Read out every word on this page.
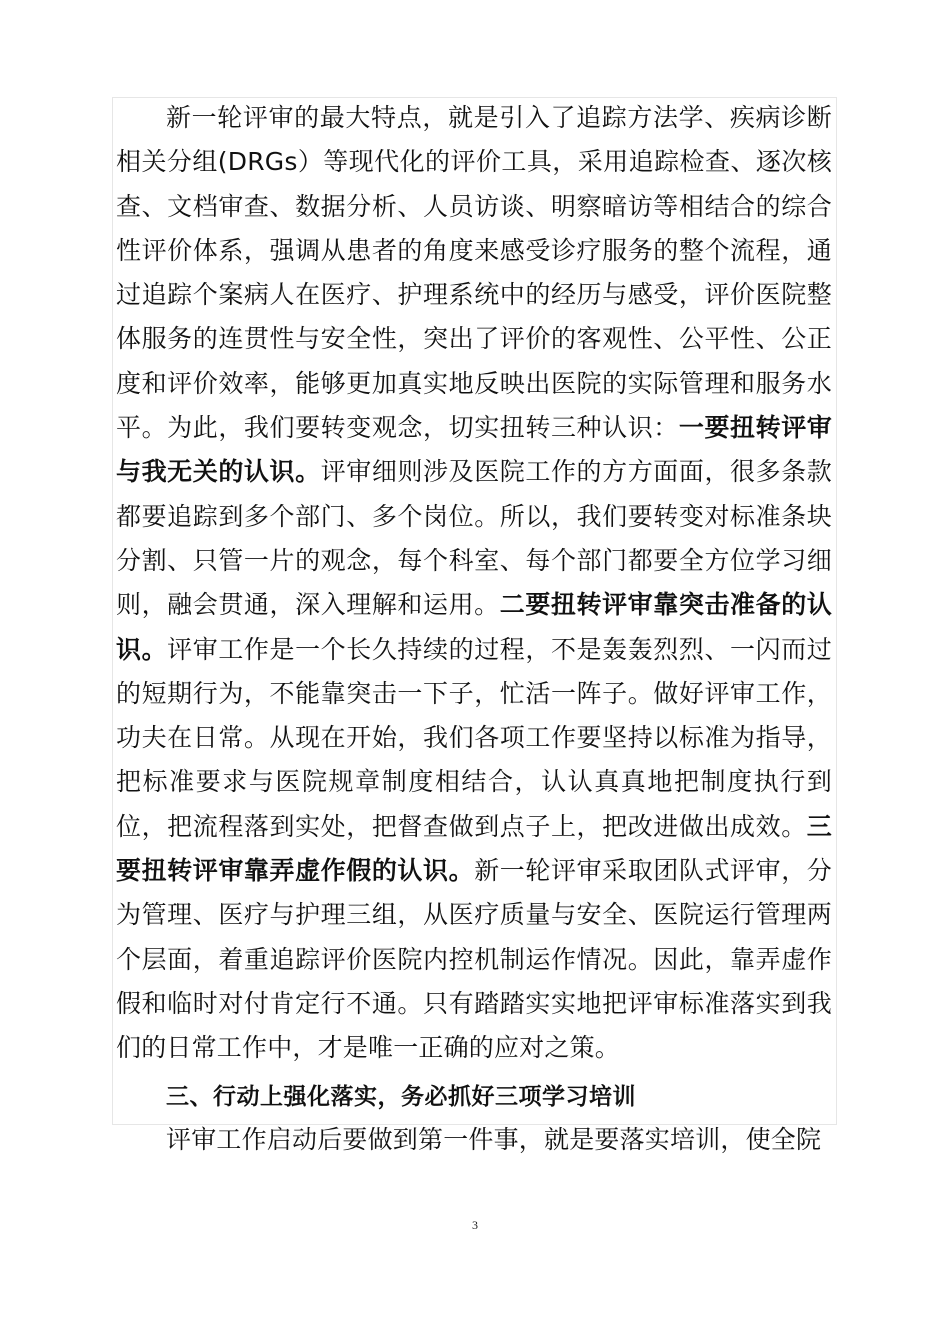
新一轮评审的最大特点，就是引入了追踪方法学、疾病诊断相关分组(DRGs）等现代化的评价工具，采用追踪检查、逐次核查、文档审查、数据分析、人员访谈、明察暗访等相结合的综合性评价体系，强调从患者的角度来感受诊疗服务的整个流程，通过追踪个案病人在医疗、护理系统中的经历与感受，评价医院整体服务的连贯性与安全性，突出了评价的客观性、公平性、公正度和评价效率，能够更加真实地反映出医院的实际管理和服务水平。为此，我们要转变观念，切实扭转三种认识：一要扭转评审与我无关的认识。评审细则涉及医院工作的方方面面，很多条款都要追踪到多个部门、多个岗位。所以，我们要转变对标准条块分割、只管一片的观念，每个科室、每个部门都要全方位学习细则，融会贯通，深入理解和运用。二要扭转评审靠突击准备的认识。评审工作是一个长久持续的过程，不是轰轰烈烈、一闪而过的短期行为，不能靠突击一下子，忙活一阵子。做好评审工作，功夫在日常。从现在开始，我们各项工作要坚持以标准为指导，把标准要求与医院规章制度相结合，认认真真地把制度执行到位，把流程落到实处，把督查做到点子上，把改进做出成效。三要扭转评审靠弄虚作假的认识。新一轮评审采取团队式评审，分为管理、医疗与护理三组，从医疗质量与安全、医院运行管理两个层面，着重追踪评价医院内控机制运作情况。因此，靠弄虚作假和临时对付肯定行不通。只有踏踏实实地把评审标准落实到我们的日常工作中，才是唯一正确的应对之策。

三、行动上强化落实，务必抓好三项学习培训

评审工作启动后要做到第一件事，就是要落实培训，使全院

3
